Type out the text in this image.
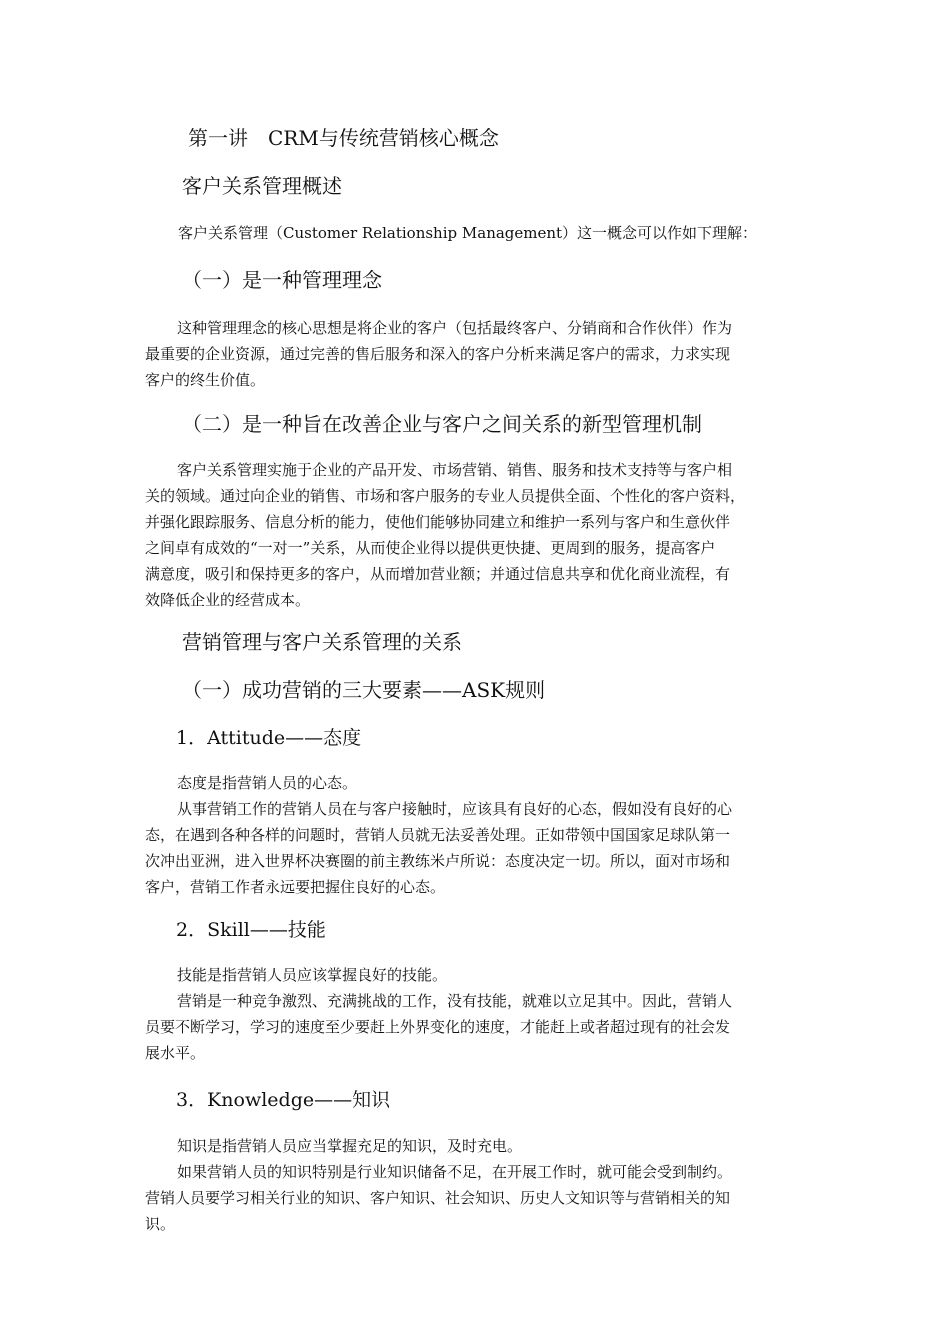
第一讲　CRM与传统营销核心概念
客户关系管理概述

客户关系管理（Customer Relationship Management）这一概念可以作如下理解：

（一）是一种管理理念
这种管理理念的核心思想是将企业的客户（包括最终客户、分销商和合作伙伴）作为
最重要的企业资源，通过完善的售后服务和深入的客户分析来满足客户的需求，力求实现
客户的终生价值。
（二）是一种旨在改善企业与客户之间关系的新型管理机制
客户关系管理实施于企业的产品开发、市场营销、销售、服务和技术支持等与客户相
关的领域。通过向企业的销售、市场和客户服务的专业人员提供全面、个性化的客户资料，
并强化跟踪服务、信息分析的能力，使他们能够协同建立和维护一系列与客户和生意伙伴
之间卓有成效的“一对一”关系，从而使企业得以提供更快捷、更周到的服务，提高客户
满意度，吸引和保持更多的客户，从而增加营业额；并通过信息共享和优化商业流程，有
效降低企业的经营成本。
营销管理与客户关系管理的关系
（一）成功营销的三大要素——ASK规则
1．Attitude——态度
态度是指营销人员的心态。
从事营销工作的营销人员在与客户接触时，应该具有良好的心态，假如没有良好的心
态，在遇到各种各样的问题时，营销人员就无法妥善处理。正如带领中国国家足球队第一
次冲出亚洲，进入世界杯决赛圈的前主教练米卢所说：态度决定一切。所以，面对市场和
客户，营销工作者永远要把握住良好的心态。
2．Skill——技能
技能是指营销人员应该掌握良好的技能。
营销是一种竞争激烈、充满挑战的工作，没有技能，就难以立足其中。因此，营销人
员要不断学习，学习的速度至少要赶上外界变化的速度，才能赶上或者超过现有的社会发
展水平。
3．Knowledge——知识
知识是指营销人员应当掌握充足的知识，及时充电。
如果营销人员的知识特别是行业知识储备不足，在开展工作时，就可能会受到制约。
营销人员要学习相关行业的知识、客户知识、社会知识、历史人文知识等与营销相关的知
识。
